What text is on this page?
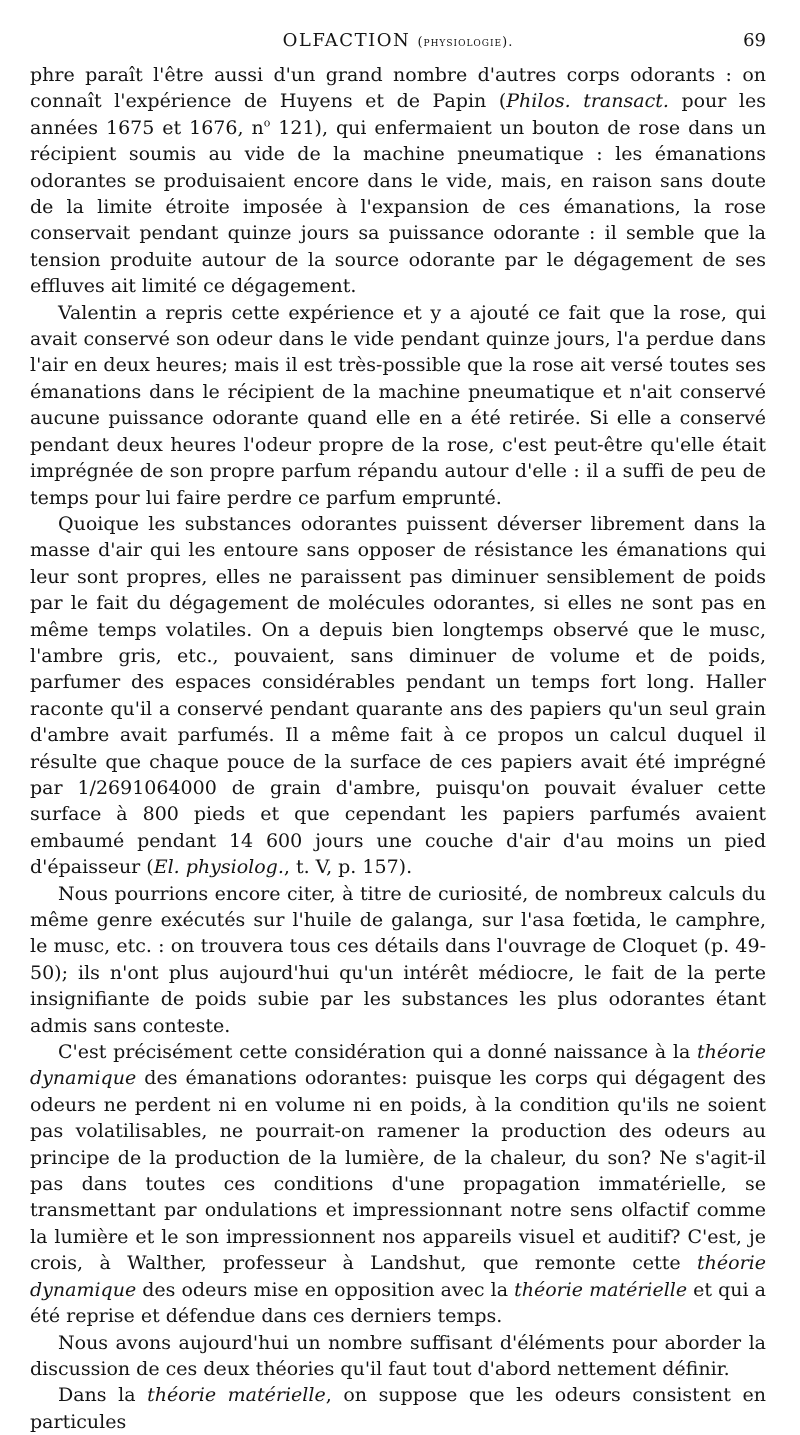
OLFACTION (physiologie).	69

phre paraît l'être aussi d'un grand nombre d'autres corps odorants : on connaît l'expérience de Huyens et de Papin (Philos. transact. pour les années 1675 et 1676, $n^o$ 121), qui enfermaient un bouton de rose dans un récipient soumis au vide de la machine pneumatique : les émanations odorantes se produisaient encore dans le vide, mais, en raison sans doute de la limite étroite imposée à l'expansion de ces émanations, la rose conservait pendant quinze jours sa puissance odorante : il semble que la tension produite autour de la source odorante par le dégagement de ses effluves ait limité ce dégagement.

Valentin a repris cette expérience et y a ajouté ce fait que la rose, qui avait conservé son odeur dans le vide pendant quinze jours, l'a perdue dans l'air en deux heures; mais il est très-possible que la rose ait versé toutes ses émanations dans le récipient de la machine pneumatique et n'ait conservé aucune puissance odorante quand elle en a été retirée. Si elle a conservé pendant deux heures l'odeur propre de la rose, c'est peut-être qu'elle était imprégnée de son propre parfum répandu autour d'elle : il a suffi de peu de temps pour lui faire perdre ce parfum emprunté.

Quoique les substances odorantes puissent déverser librement dans la masse d'air qui les entoure sans opposer de résistance les émanations qui leur sont propres, elles ne paraissent pas diminuer sensiblement de poids par le fait du dégagement de molécules odorantes, si elles ne sont pas en même temps volatiles. On a depuis bien longtemps observé que le musc, l'ambre gris, etc., pouvaient, sans diminuer de volume et de poids, parfumer des espaces considérables pendant un temps fort long. Haller raconte qu'il a conservé pendant quarante ans des papiers qu'un seul grain d'ambre avait parfumés. Il a même fait à ce propos un calcul duquel il résulte que chaque pouce de la surface de ces papiers avait été imprégné par 1/2691064000 de grain d'ambre, puisqu'on pouvait évaluer cette surface à 800 pieds et que cependant les papiers parfumés avaient embaumé pendant 14 600 jours une couche d'air d'au moins un pied d'épaisseur (El. physiolog., t. V, p. 157).

Nous pourrions encore citer, à titre de curiosité, de nombreux calculs du même genre exécutés sur l'huile de galanga, sur l'asa fœtida, le camphre, le musc, etc. : on trouvera tous ces détails dans l'ouvrage de Cloquet (p. 49-50); ils n'ont plus aujourd'hui qu'un intérêt médiocre, le fait de la perte insignifiante de poids subie par les substances les plus odorantes étant admis sans conteste.

C'est précisément cette considération qui a donné naissance à la théorie dynamique des émanations odorantes: puisque les corps qui dégagent des odeurs ne perdent ni en volume ni en poids, à la condition qu'ils ne soient pas volatilisables, ne pourrait-on ramener la production des odeurs au principe de la production de la lumière, de la chaleur, du son? Ne s'agit-il pas dans toutes ces conditions d'une propagation immatérielle, se transmettant par ondulations et impressionnant notre sens olfactif comme la lumière et le son impressionnent nos appareils visuel et auditif? C'est, je crois, à Walther, professeur à Landshut, que remonte cette théorie dynamique des odeurs mise en opposition avec la théorie matérielle et qui a été reprise et défendue dans ces derniers temps.

Nous avons aujourd'hui un nombre suffisant d'éléments pour aborder la discussion de ces deux théories qu'il faut tout d'abord nettement définir.

Dans la théorie matérielle, on suppose que les odeurs consistent en particules
